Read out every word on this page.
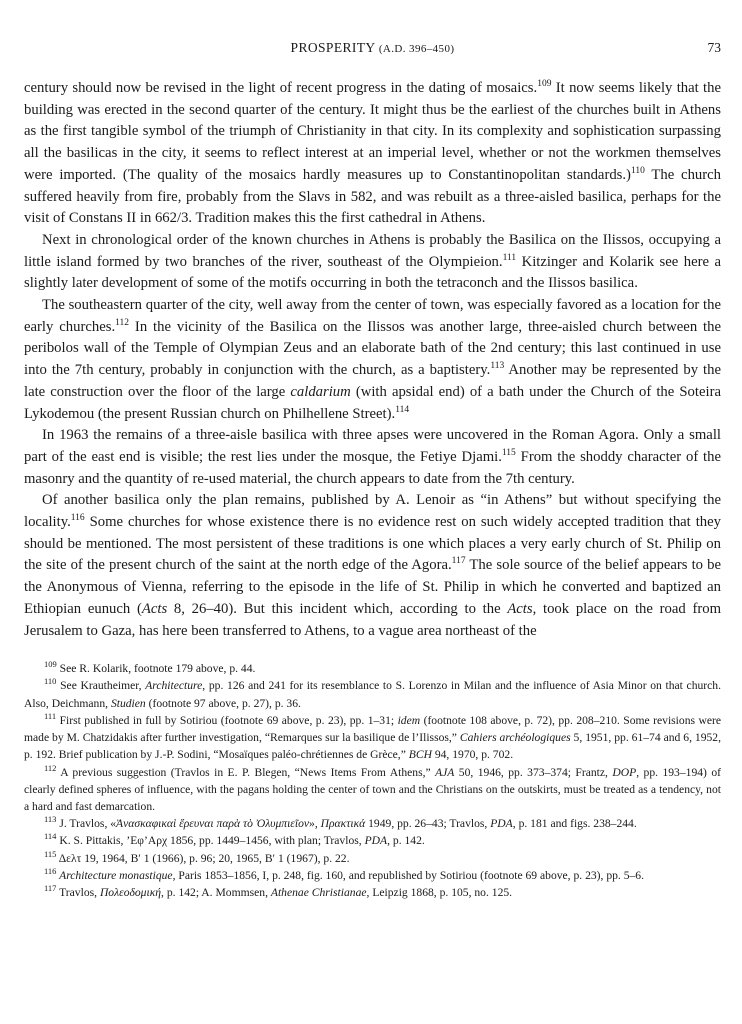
PROSPERITY (A.D. 396–450)	73

century should now be revised in the light of recent progress in the dating of mosaics.$^{109}$ It now seems likely that the building was erected in the second quarter of the century. It might thus be the earliest of the churches built in Athens as the first tangible symbol of the triumph of Christianity in that city. In its complexity and sophistication surpassing all the basilicas in the city, it seems to reflect interest at an imperial level, whether or not the workmen themselves were imported. (The quality of the mosaics hardly measures up to Constantinopolitan standards.)$^{110}$ The church suffered heavily from fire, probably from the Slavs in 582, and was rebuilt as a three-aisled basilica, perhaps for the visit of Constans II in 662/3. Tradition makes this the first cathedral in Athens.

Next in chronological order of the known churches in Athens is probably the Basilica on the Ilissos, occupying a little island formed by two branches of the river, southeast of the Olympieion.$^{111}$ Kitzinger and Kolarik see here a slightly later development of some of the motifs occurring in both the tetraconch and the Ilissos basilica.

The southeastern quarter of the city, well away from the center of town, was especially favored as a location for the early churches.$^{112}$ In the vicinity of the Basilica on the Ilissos was another large, three-aisled church between the peribolos wall of the Temple of Olympian Zeus and an elaborate bath of the 2nd century; this last continued in use into the 7th century, probably in conjunction with the church, as a baptistery.$^{113}$ Another may be represented by the late construction over the floor of the large caldarium (with apsidal end) of a bath under the Church of the Soteira Lykodemou (the present Russian church on Philhellene Street).$^{114}$

In 1963 the remains of a three-aisle basilica with three apses were uncovered in the Roman Agora. Only a small part of the east end is visible; the rest lies under the mosque, the Fetiye Djami.$^{115}$ From the shoddy character of the masonry and the quantity of re-used material, the church appears to date from the 7th century.

Of another basilica only the plan remains, published by A. Lenoir as “in Athens” but without specifying the locality.$^{116}$ Some churches for whose existence there is no evidence rest on such widely accepted tradition that they should be mentioned. The most persistent of these traditions is one which places a very early church of St. Philip on the site of the present church of the saint at the north edge of the Agora.$^{117}$ The sole source of the belief appears to be the Anonymous of Vienna, referring to the episode in the life of St. Philip in which he converted and baptized an Ethiopian eunuch (Acts 8, 26–40). But this incident which, according to the Acts, took place on the road from Jerusalem to Gaza, has here been transferred to Athens, to a vague area northeast of the

$^{109}$ See R. Kolarik, footnote 179 above, p. 44.

$^{110}$ See Krautheimer, Architecture, pp. 126 and 241 for its resemblance to S. Lorenzo in Milan and the influence of Asia Minor on that church. Also, Deichmann, Studien (footnote 97 above, p. 27), p. 36.

$^{111}$ First published in full by Sotiriou (footnote 69 above, p. 23), pp. 1–31; idem (footnote 108 above, p. 72), pp. 208–210. Some revisions were made by M. Chatzidakis after further investigation, “Remarques sur la basilique de l’Ilissos,” Cahiers archéologiques 5, 1951, pp. 61–74 and 6, 1952, p. 192. Brief publication by J.-P. Sodini, “Mosaïques paléo-chrétiennes de Grèce,” BCH 94, 1970, p. 702.

$^{112}$ A previous suggestion (Travlos in E. P. Blegen, “News Items From Athens,” AJA 50, 1946, pp. 373–374; Frantz, DOP, pp. 193–194) of clearly defined spheres of influence, with the pagans holding the center of town and the Christians on the outskirts, must be treated as a tendency, not a hard and fast demarcation.

$^{113}$ J. Travlos, «Ἀνασκαφικαὶ ἔρευναι παρὰ τὸ Ὀλυμπιεῖον», Πρακτικά 1949, pp. 26–43; Travlos, PDA, p. 181 and figs. 238–244.

$^{114}$ K. S. Pittakis, ’Εφ’Αρχ 1856, pp. 1449–1456, with plan; Travlos, PDA, p. 142.

$^{115}$ Δελτ 19, 1964, Β′ 1 (1966), p. 96; 20, 1965, Β′ 1 (1967), p. 22.

$^{116}$ Architecture monastique, Paris 1853–1856, I, p. 248, fig. 160, and republished by Sotiriou (footnote 69 above, p. 23), pp. 5–6.

$^{117}$ Travlos, Πολεοδομική, p. 142; A. Mommsen, Athenae Christianae, Leipzig 1868, p. 105, no. 125.
